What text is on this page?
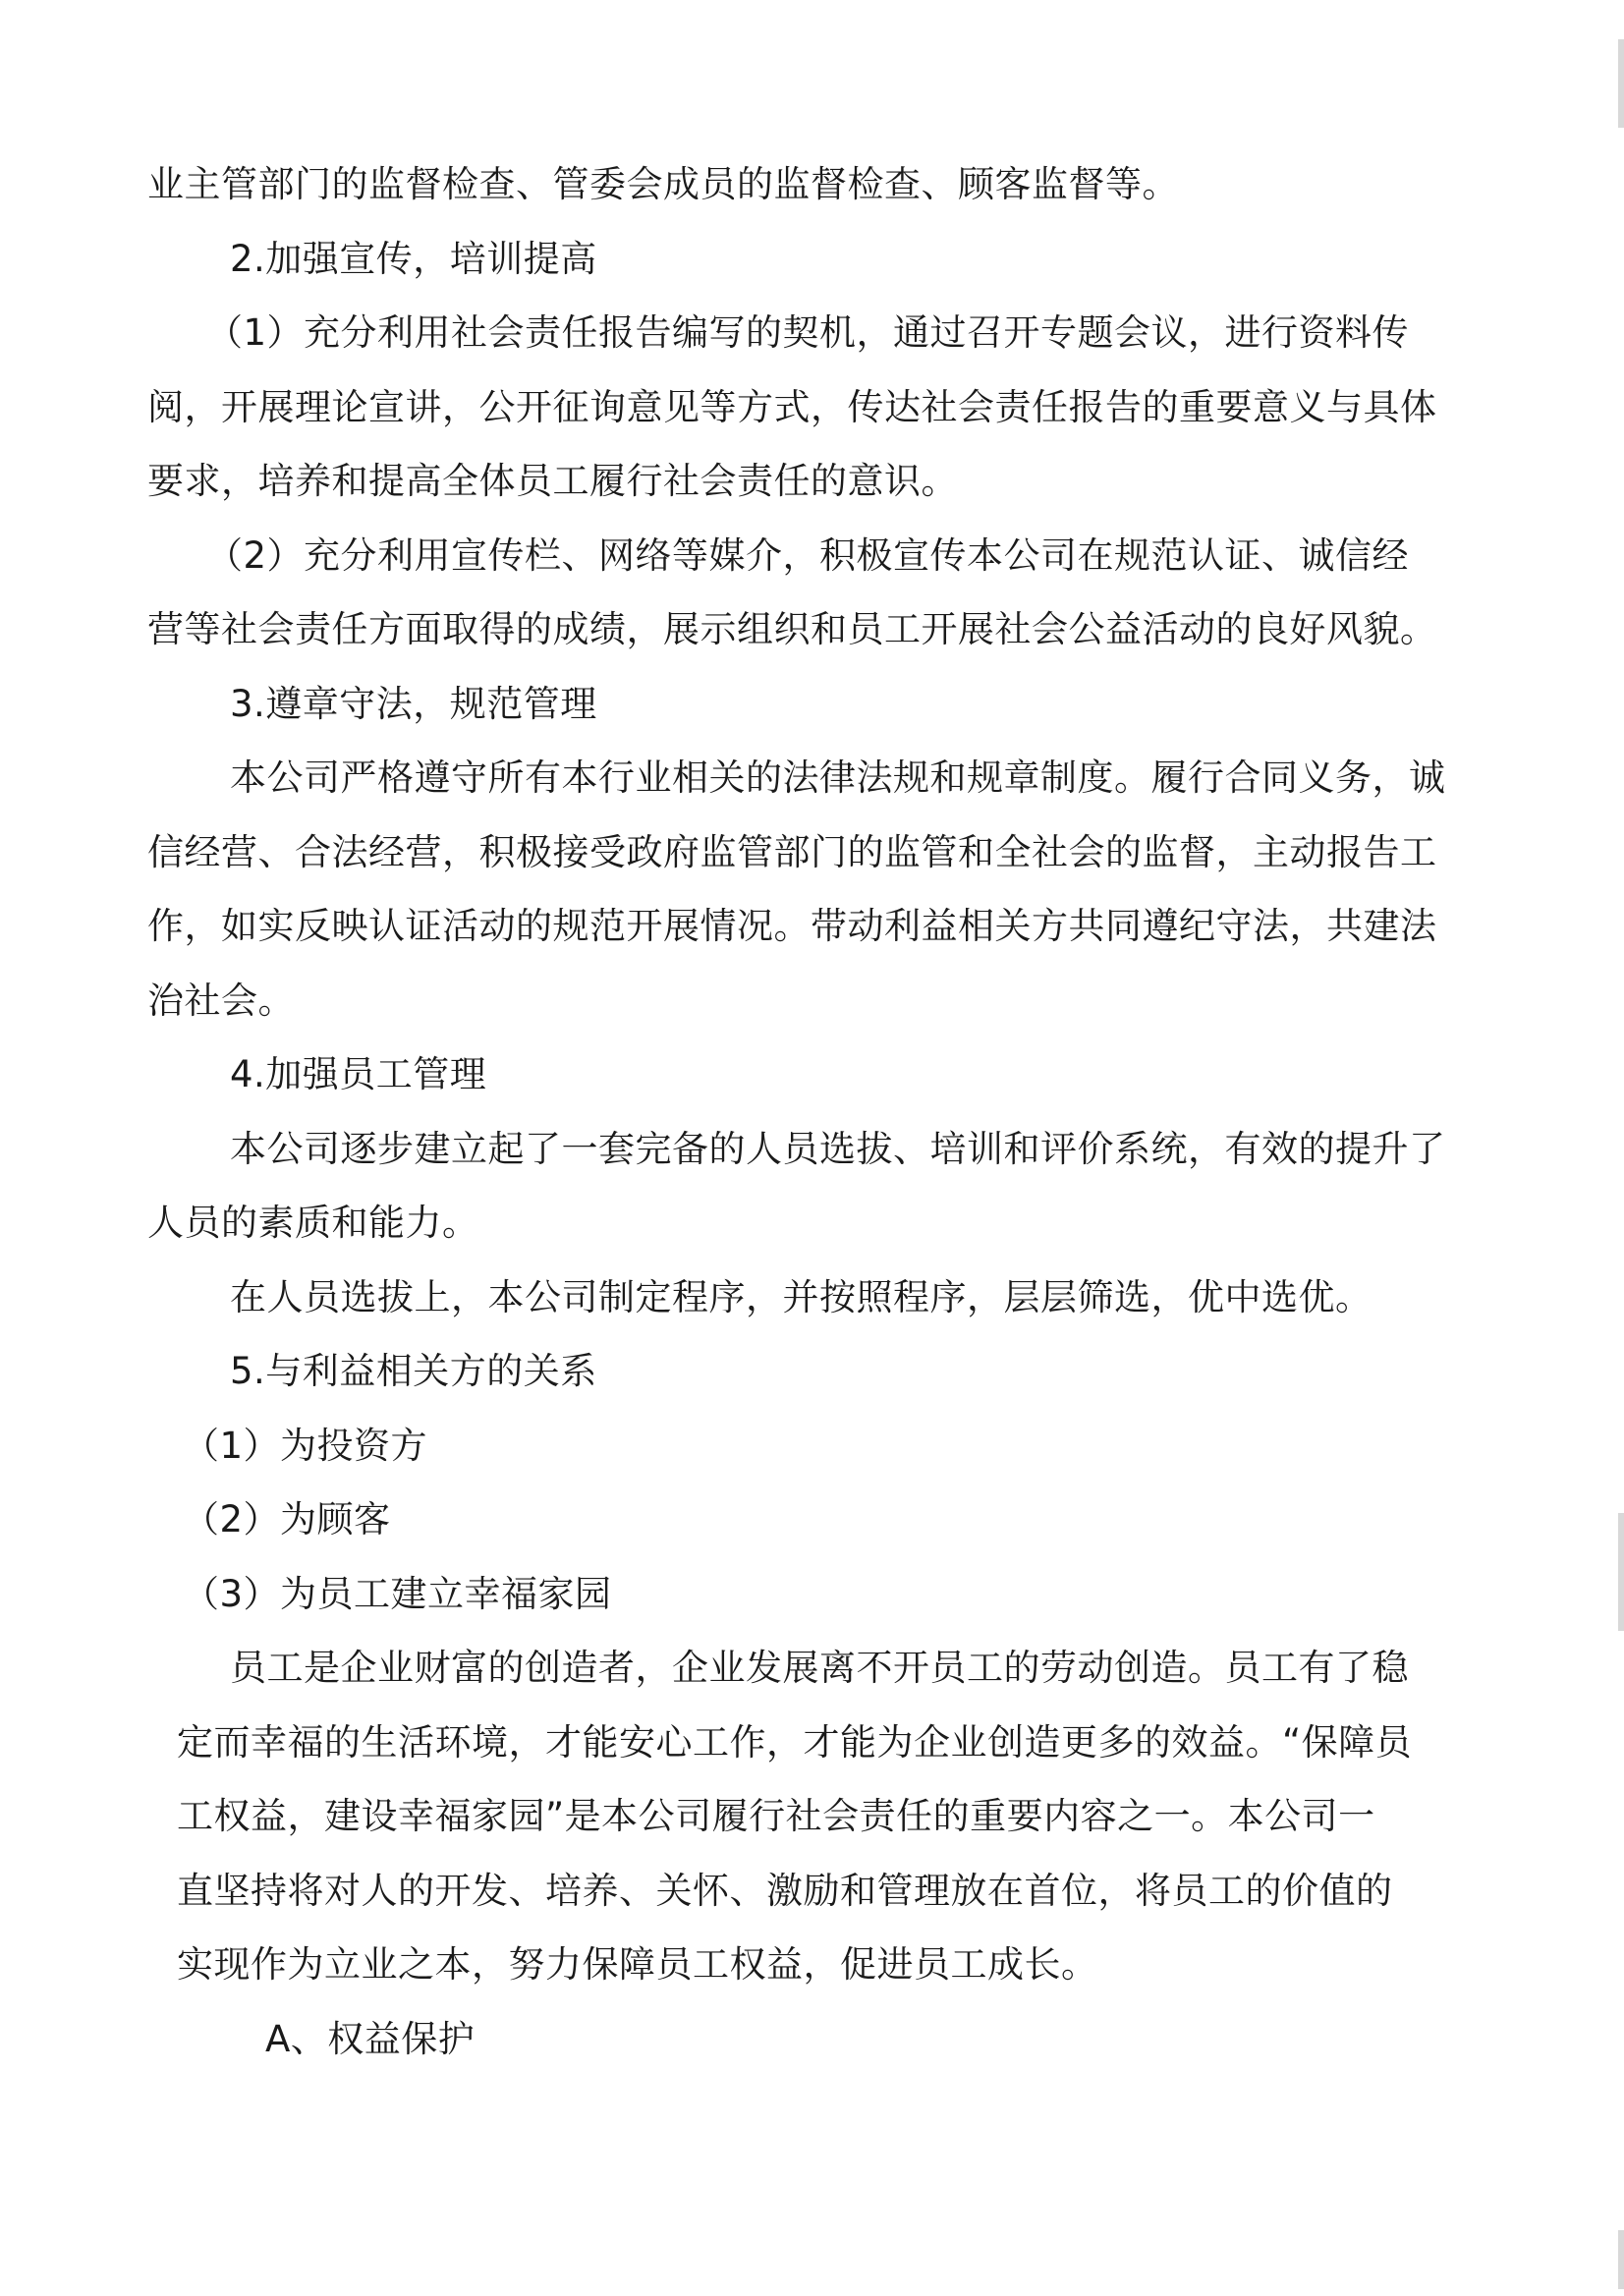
业主管部门的监督检查、管委会成员的监督检查、顾客监督等。
2.加强宣传，培训提高
（1）充分利用社会责任报告编写的契机，通过召开专题会议，进行资料传
阅，开展理论宣讲，公开征询意见等方式，传达社会责任报告的重要意义与具体
要求，培养和提高全体员工履行社会责任的意识。
（2）充分利用宣传栏、网络等媒介，积极宣传本公司在规范认证、诚信经
营等社会责任方面取得的成绩，展示组织和员工开展社会公益活动的良好风貌。
3.遵章守法，规范管理
本公司严格遵守所有本行业相关的法律法规和规章制度。履行合同义务，诚
信经营、合法经营，积极接受政府监管部门的监管和全社会的监督，主动报告工
作，如实反映认证活动的规范开展情况。带动利益相关方共同遵纪守法，共建法
治社会。
4.加强员工管理
本公司逐步建立起了一套完备的人员选拔、培训和评价系统，有效的提升了
人员的素质和能力。
在人员选拔上，本公司制定程序，并按照程序，层层筛选，优中选优。
5.与利益相关方的关系
（1）为投资方
（2）为顾客
（3）为员工建立幸福家园
员工是企业财富的创造者，企业发展离不开员工的劳动创造。员工有了稳
定而幸福的生活环境，才能安心工作，才能为企业创造更多的效益。“保障员
工权益，建设幸福家园”是本公司履行社会责任的重要内容之一。本公司一
直坚持将对人的开发、培养、关怀、激励和管理放在首位，将员工的价值的
实现作为立业之本，努力保障员工权益，促进员工成长。
A、权益保护
